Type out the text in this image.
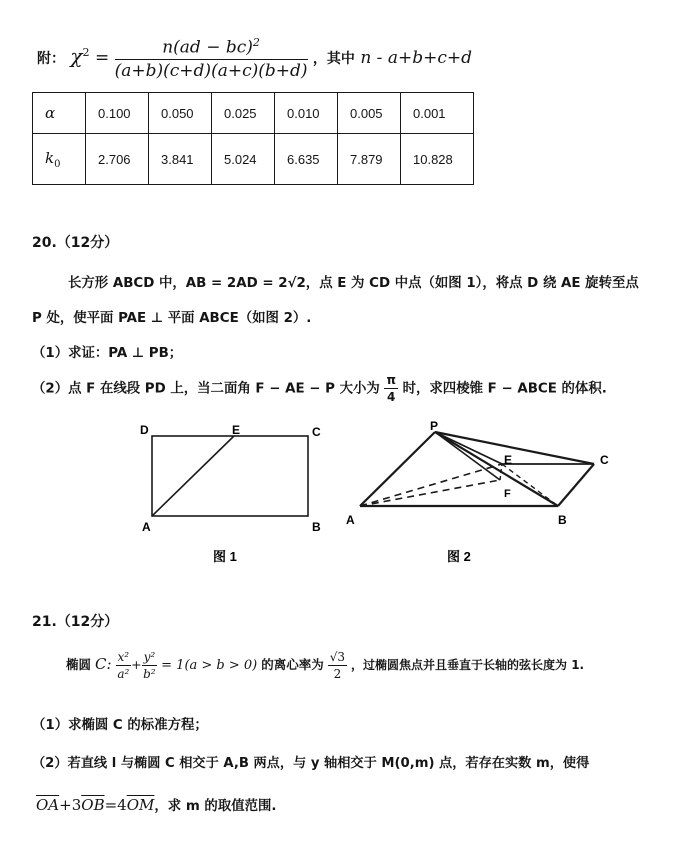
附： $\chi^2 = \frac{n(ad - bc)^2}{(a+b)(c+d)(a+c)(b+d)}$ ，其中 n - a+b+c+d
α	0.100	0.050	0.025	0.010	0.005	0.001
$k_0$	2.706	3.841	5.024	6.635	7.879	10.828
20.（12分）
长方形 ABCD 中，AB = 2AD = 2√2，点 E 为 CD 中点（如图 1），将点 D 绕 AE 旋转至点
P 处，使平面 PAE ⊥ 平面 ABCE（如图 2）.
（1）求证：PA ⊥ PB；
（2）点 F 在线段 PD 上，当二面角 F − AE − P 大小为 $\frac{\pi}{4}$ 时，求四棱锥 F − ABCE 的体积.
D	E	C
A	B
图 1
P
E	C
F
A	B
图 2
21.（12分）
椭圆 C: $\frac{\text{x²}}{\text{a²}} + \frac{\text{y²}}{\text{b²}} = 1(a > b > 0)$ 的离心率为 $\frac{√3}{2}$ ，过椭圆焦点并且垂直于长轴的弦长度为 1.
（1）求椭圆 C 的标准方程；
（2）若直线 l 与椭圆 C 相交于 A,B 两点，与 y 轴相交于 M(0,m) 点，若存在实数 m，使得
$\overline{OA}+3\overline{OB}=4\overline{OM}$，求 m 的取值范围.
